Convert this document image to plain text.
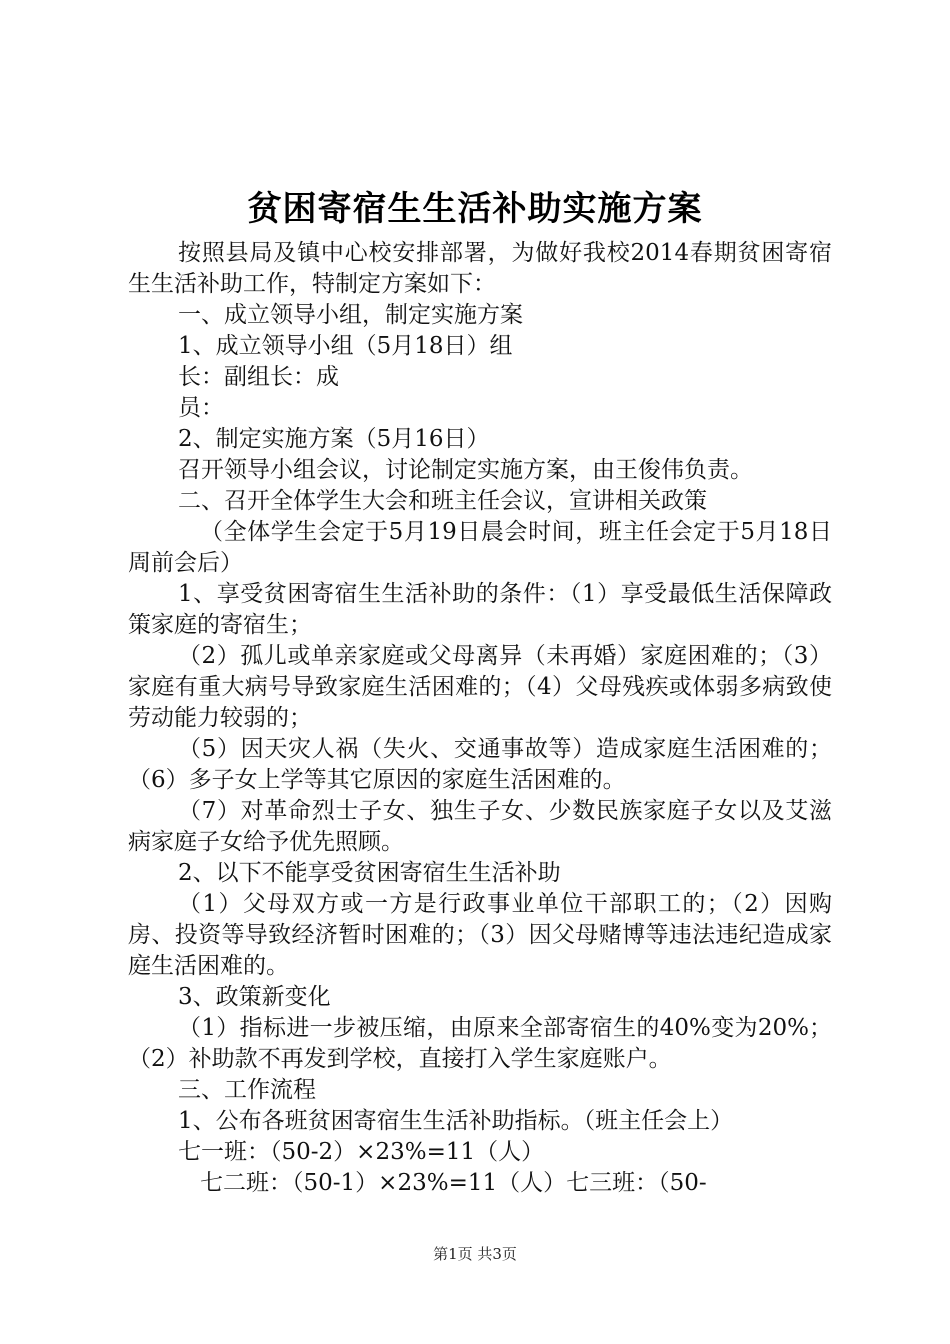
贫困寄宿生生活补助实施方案

按照县局及镇中心校安排部署，为做好我校2014春期贫困寄宿生生活补助工作，特制定方案如下：

一、成立领导小组，制定实施方案

1、成立领导小组（5月18日）组

长：副组长：成

员：

2、制定实施方案（5月16日）

召开领导小组会议，讨论制定实施方案，由王俊伟负责。

二、召开全体学生大会和班主任会议，宣讲相关政策

（全体学生会定于5月19日晨会时间，班主任会定于5月18日周前会后）

1、享受贫困寄宿生生活补助的条件：（1）享受最低生活保障政策家庭的寄宿生；

（2）孤儿或单亲家庭或父母离异（未再婚）家庭困难的；（3）家庭有重大病号导致家庭生活困难的；（4）父母残疾或体弱多病致使劳动能力较弱的；

（5）因天灾人祸（失火、交通事故等）造成家庭生活困难的；（6）多子女上学等其它原因的家庭生活困难的。

（7）对革命烈士子女、独生子女、少数民族家庭子女以及艾滋病家庭子女给予优先照顾。

2、以下不能享受贫困寄宿生生活补助

（1）父母双方或一方是行政事业单位干部职工的；（2）因购房、投资等导致经济暂时困难的；（3）因父母赌博等违法违纪造成家庭生活困难的。

3、政策新变化

（1）指标进一步被压缩，由原来全部寄宿生的40%变为20%；（2）补助款不再发到学校，直接打入学生家庭账户。

三、工作流程

1、公布各班贫困寄宿生生活补助指标。（班主任会上）

七一班：（50-2）×23%=11（人）

七二班：（50-1）×23%=11（人）七三班：（50-

第1页 共3页
